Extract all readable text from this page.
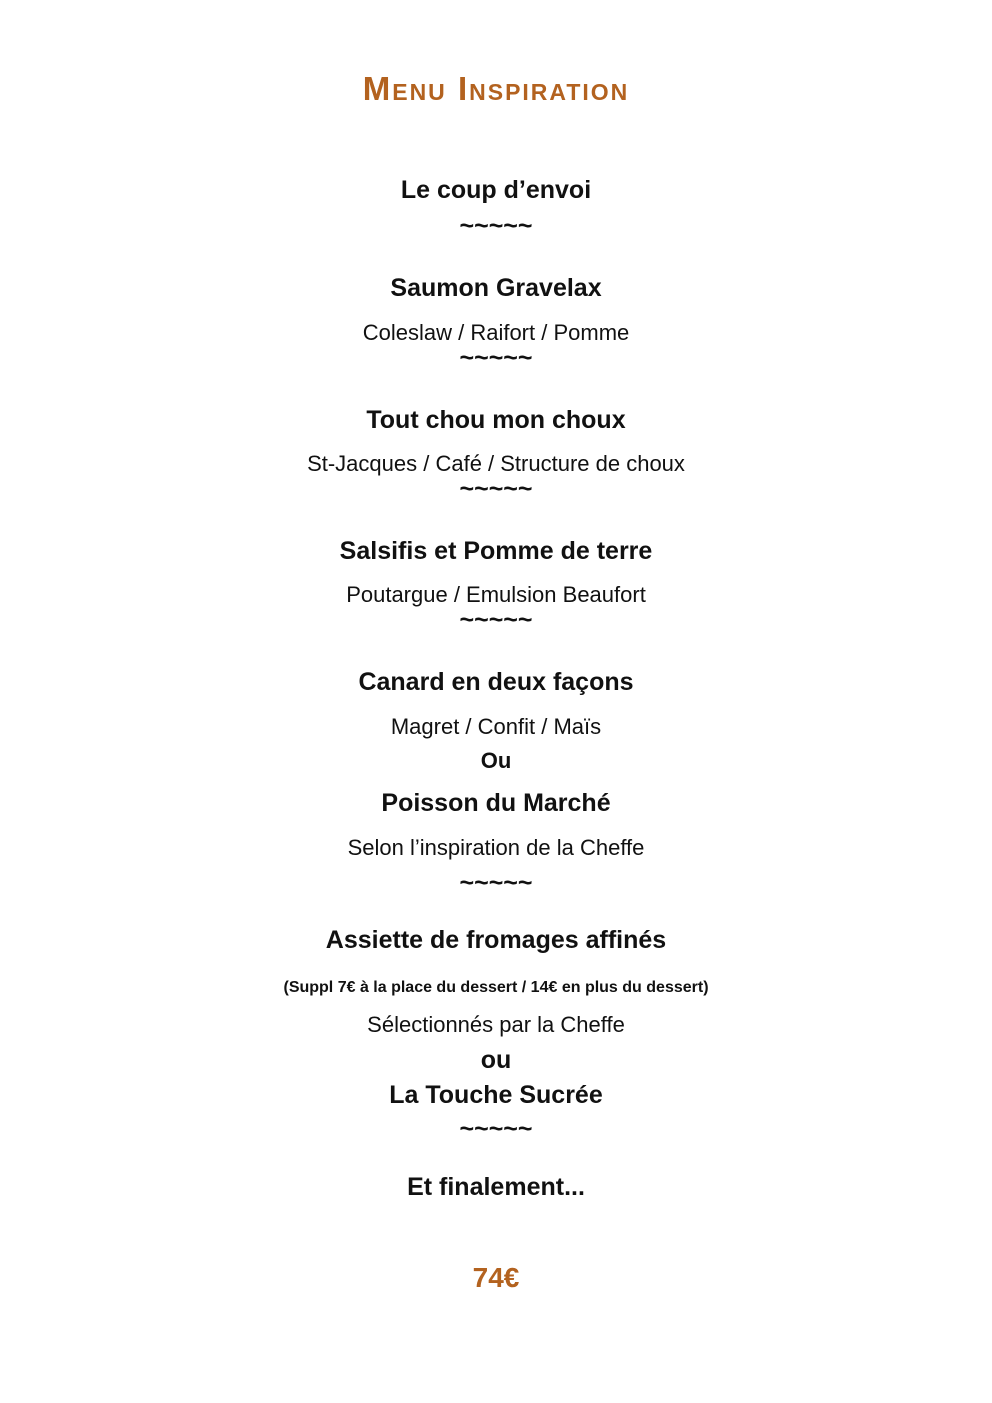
Menu Inspiration
Le coup d’envoi
~~~~~
Saumon Gravelax
Coleslaw / Raifort / Pomme
~~~~~
Tout chou mon choux
St-Jacques / Café / Structure de choux
~~~~~
Salsifis et Pomme de terre
Poutargue / Emulsion Beaufort
~~~~~
Canard en deux façons
Magret / Confit / Maïs
Ou
Poisson du Marché
Selon l’inspiration de la Cheffe
~~~~~
Assiette de fromages affinés
(Suppl 7€ à la place du dessert / 14€ en plus du dessert)
Sélectionnés par la Cheffe
ou
La Touche Sucrée
~~~~~
Et finalement...
74€
